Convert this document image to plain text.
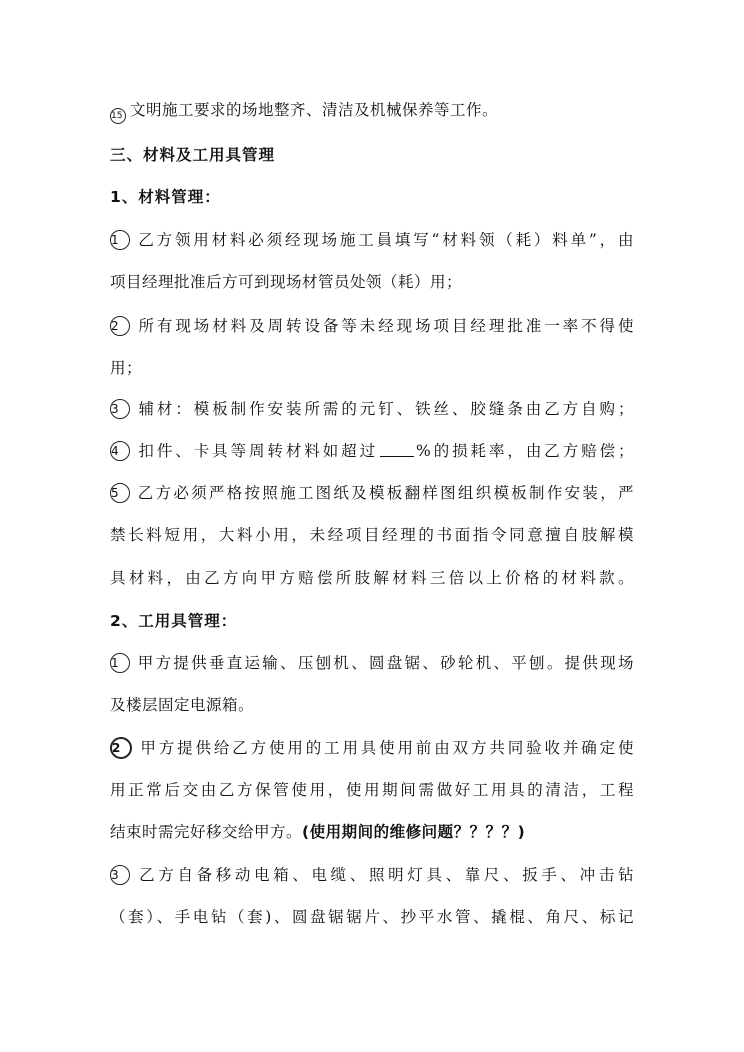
15 文明施工要求的场地整齐、清洁及机械保养等工作。
三、材料及工用具管理
1、材料管理：
1 乙方领用材料必须经现场施工員填写“材料领（耗）料单”，由
项目经理批准后方可到现场材管员处领（耗）用；
2 所有现场材料及周转设备等未经现场项目经理批准一率不得使
用；
3 辅材：模板制作安装所需的元钉、铁丝、胶缝条由乙方自购；
4 扣件、卡具等周转材料如超过 %的损耗率，由乙方赔偿；
5 乙方必须严格按照施工图纸及模板翻样图组织模板制作安装，严
禁长料短用，大料小用，未经项目经理的书面指令同意擅自肢解模
具材料，由乙方向甲方赔偿所肢解材料三倍以上价格的材料款。
2、工用具管理：
1 甲方提供垂直运输、压刨机、圆盘锯、砂轮机、平刨。提供现场
及楼层固定电源箱。
2 甲方提供给乙方使用的工用具使用前由双方共同验收并确定使
用正常后交由乙方保管使用，使用期间需做好工用具的清洁，工程
结束时需完好移交给甲方。(使用期间的维修问题？？？？)
3 乙方自备移动电箱、电缆、照明灯具、靠尺、扳手、冲击钻
（套）、手电钻（套)、圆盘锯锯片、抄平水管、撬棍、角尺、标记
